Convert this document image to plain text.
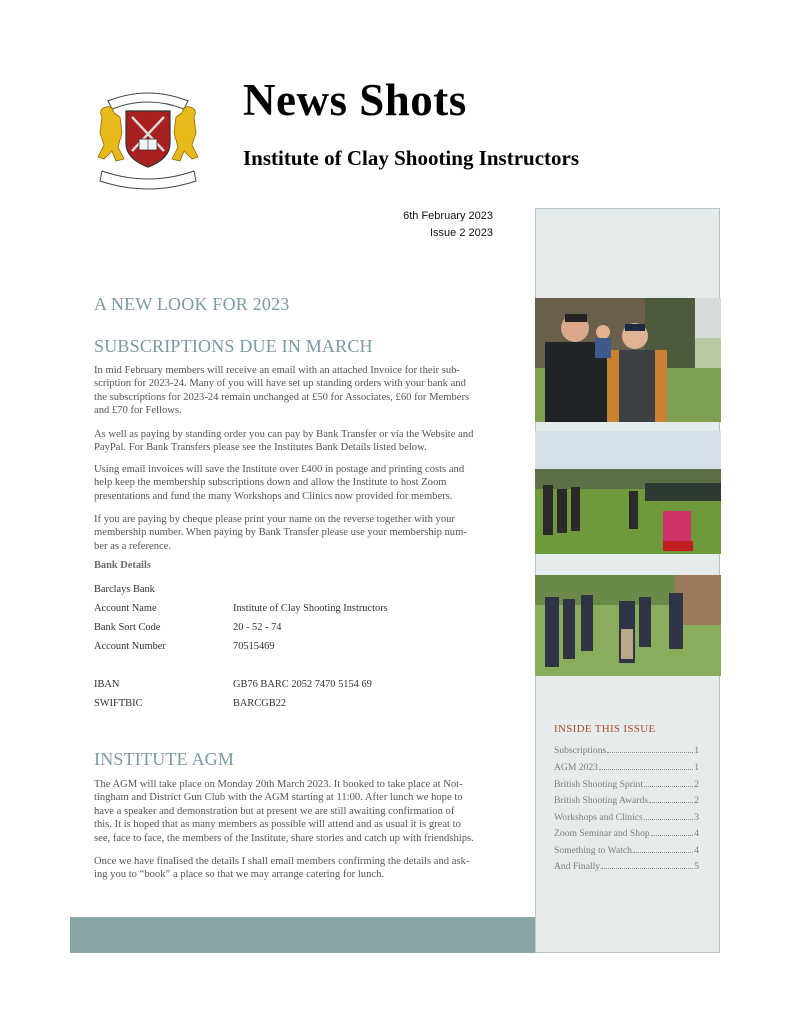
News Shots
Institute of Clay Shooting Instructors
6th February 2023
Issue 2 2023
A NEW LOOK FOR 2023
SUBSCRIPTIONS DUE IN MARCH
In mid February members will receive an email with an attached Invoice for their sub-
scription for 2023-24. Many of you will have set up standing orders with your bank and
the subscriptions for 2023-24 remain unchanged at £50 for Associates, £60 for Members
and £70 for Fellows.
As well as paying by standing order you can pay by Bank Transfer or via the Website and
PayPal. For Bank Transfers please see the Institutes Bank Details listed below.
Using email invoices will save the Institute over £400 in postage and printing costs and
help keep the membership subscriptions down and allow the Institute to host Zoom
presentations and fund the many Workshops and Clinics now provided for members.
If you are paying by cheque please print your name on the reverse together with your
membership number. When paying by Bank Transfer please use your membership num-
ber as a reference.
Bank Details
Barclays Bank
Account Name	Institute of Clay Shooting Instructors
Bank Sort Code	20 - 52 - 74
Account Number	70515469
IBAN	GB76 BARC 2052 7470 5154 69
SWIFTBIC	BARCGB22
INSTITUTE AGM
The AGM will take place on Monday 20th March 2023. It booked to take place at Not-
tingham and District Gun Club with the AGM starting at 11:00. After lunch we hope to
have a speaker and demonstration but at present we are still awaiting confirmation of
this. It is hoped that as many members as possible will attend and as usual it is great to
see, face to face, the members of the Institute, share stories and catch up with friendships.
Once we have finalised the details I shall email members confirming the details and ask-
ing you to “book” a place so that we may arrange catering for lunch.
INSIDE THIS ISSUE
Subscriptions	1
AGM 2023	1
British Shooting Sprint	2
British Shooting Awards	2
Workshops and Clinics	3
Zoom Seminar and Shop	4
Something to Watch	4
And Finally	5
